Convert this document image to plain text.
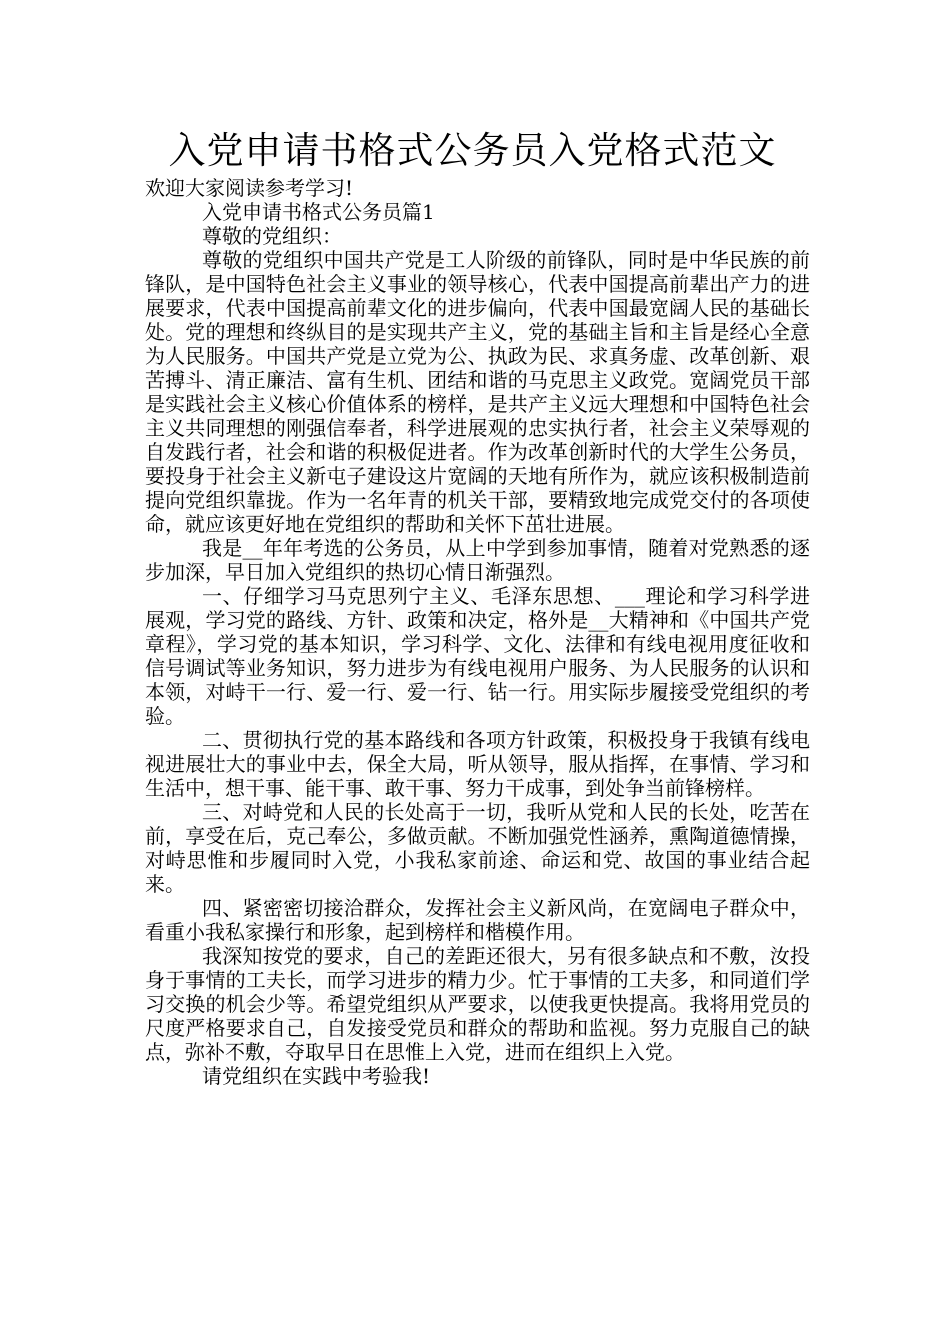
入党申请书格式公务员入党格式范文

欢迎大家阅读参考学习!

入党申请书格式公务员篇1

尊敬的党组织：

尊敬的党组织中国共产党是工人阶级的前锋队，同时是中华民族的前锋队，是中国特色社会主义事业的领导核心，代表中国提高前辈出产力的进展要求，代表中国提高前辈文化的进步偏向，代表中国最宽阔人民的基础长处。党的理想和终纵目的是实现共产主义，党的基础主旨和主旨是经心全意为人民服务。中国共产党是立党为公、执政为民、求真务虚、改革创新、艰苦搏斗、清正廉洁、富有生机、团结和谐的马克思主义政党。宽阔党员干部是实践社会主义核心价值体系的榜样，是共产主义远大理想和中国特色社会主义共同理想的刚强信奉者，科学进展观的忠实执行者，社会主义荣辱观的自发践行者，社会和谐的积极促进者。作为改革创新时代的大学生公务员，要投身于社会主义新屯子建设这片宽阔的天地有所作为，就应该积极制造前提向党组织靠拢。作为一名年青的机关干部，要精致地完成党交付的各项使命，就应该更好地在党组织的帮助和关怀下茁壮进展。

我是__年年考选的公务员，从上中学到参加事情，随着对党熟悉的逐步加深，早日加入党组织的热切心情日渐强烈。

一、仔细学习马克思列宁主义、毛泽东思想、___理论和学习科学进展观，学习党的路线、方针、政策和决定，格外是__大精神和《中国共产党章程》，学习党的基本知识，学习科学、文化、法律和有线电视用度征收和信号调试等业务知识，努力进步为有线电视用户服务、为人民服务的认识和本领，对峙干一行、爱一行、爱一行、钻一行。用实际步履接受党组织的考验。

二、贯彻执行党的基本路线和各项方针政策，积极投身于我镇有线电视进展壮大的事业中去，保全大局，听从领导，服从指挥，在事情、学习和生活中，想干事、能干事、敢干事、努力干成事，到处争当前锋榜样。

三、对峙党和人民的长处高于一切，我听从党和人民的长处，吃苦在前，享受在后，克己奉公，多做贡献。不断加强党性涵养，熏陶道德情操，对峙思惟和步履同时入党，小我私家前途、命运和党、故国的事业结合起来。

四、紧密密切接洽群众，发挥社会主义新风尚，在宽阔电子群众中，看重小我私家操行和形象，起到榜样和楷模作用。

我深知按党的要求，自己的差距还很大，另有很多缺点和不敷，汝投身于事情的工夫长，而学习进步的精力少。忙于事情的工夫多，和同道们学习交换的机会少等。希望党组织从严要求，以使我更快提高。我将用党员的尺度严格要求自己，自发接受党员和群众的帮助和监视。努力克服自己的缺点，弥补不敷，夺取早日在思惟上入党，进而在组织上入党。

请党组织在实践中考验我!
